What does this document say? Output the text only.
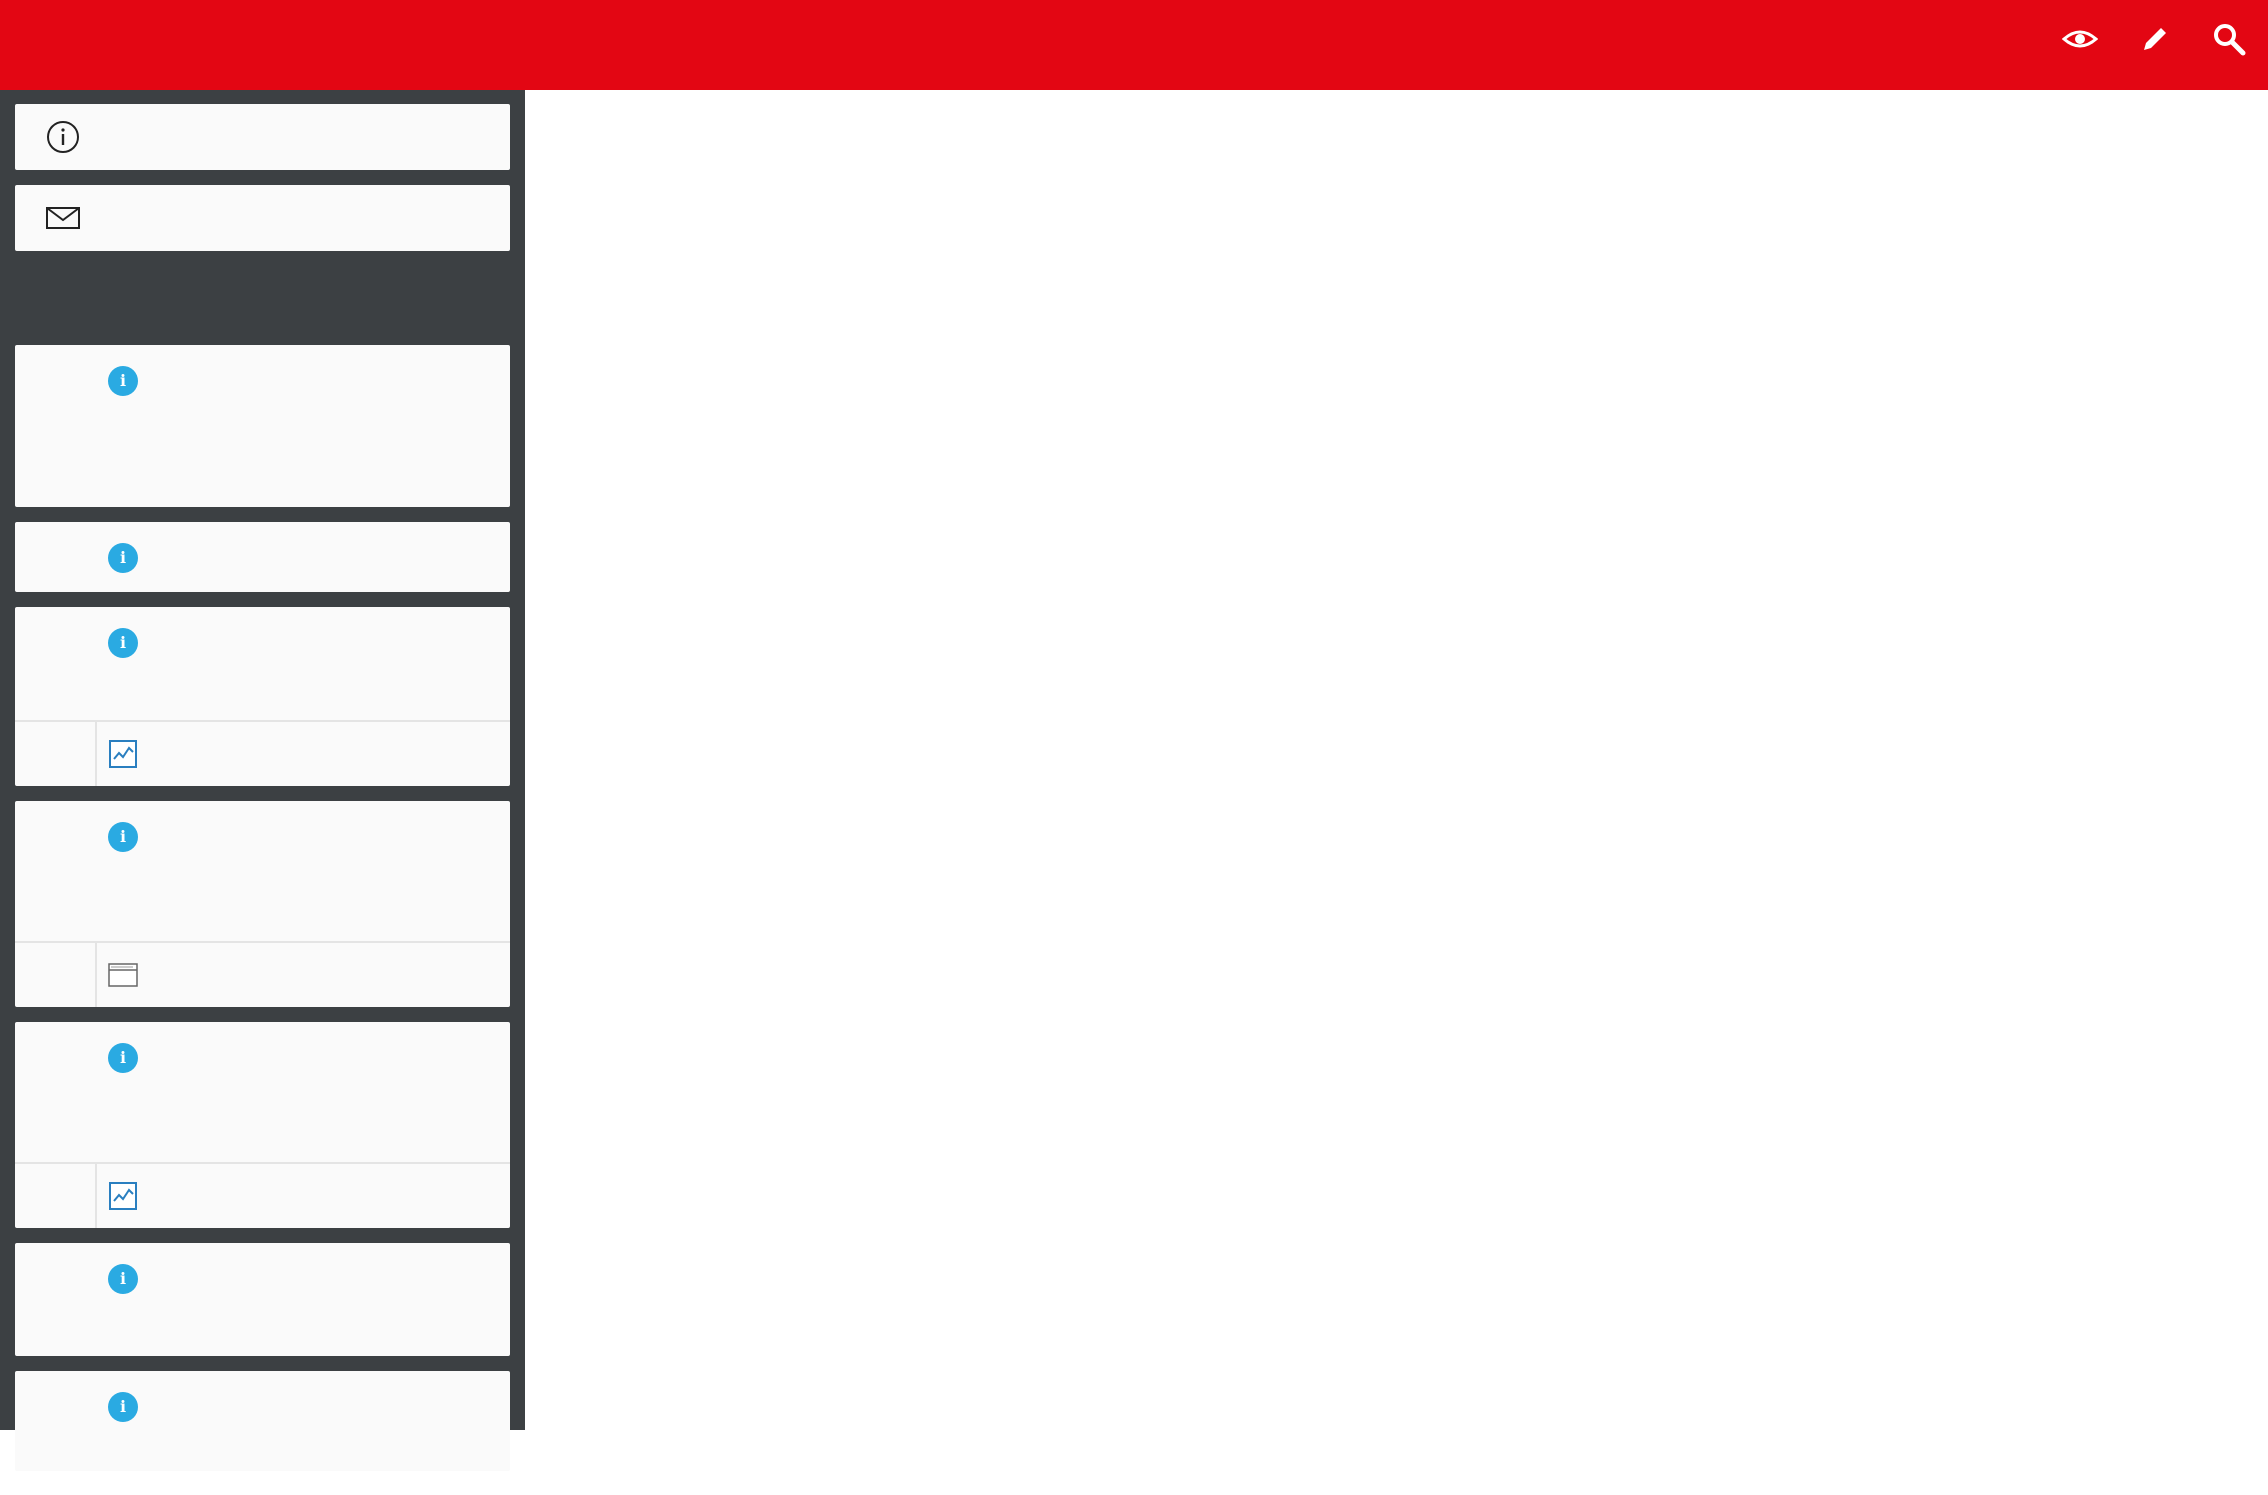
i
i
i
i
i
i
i
